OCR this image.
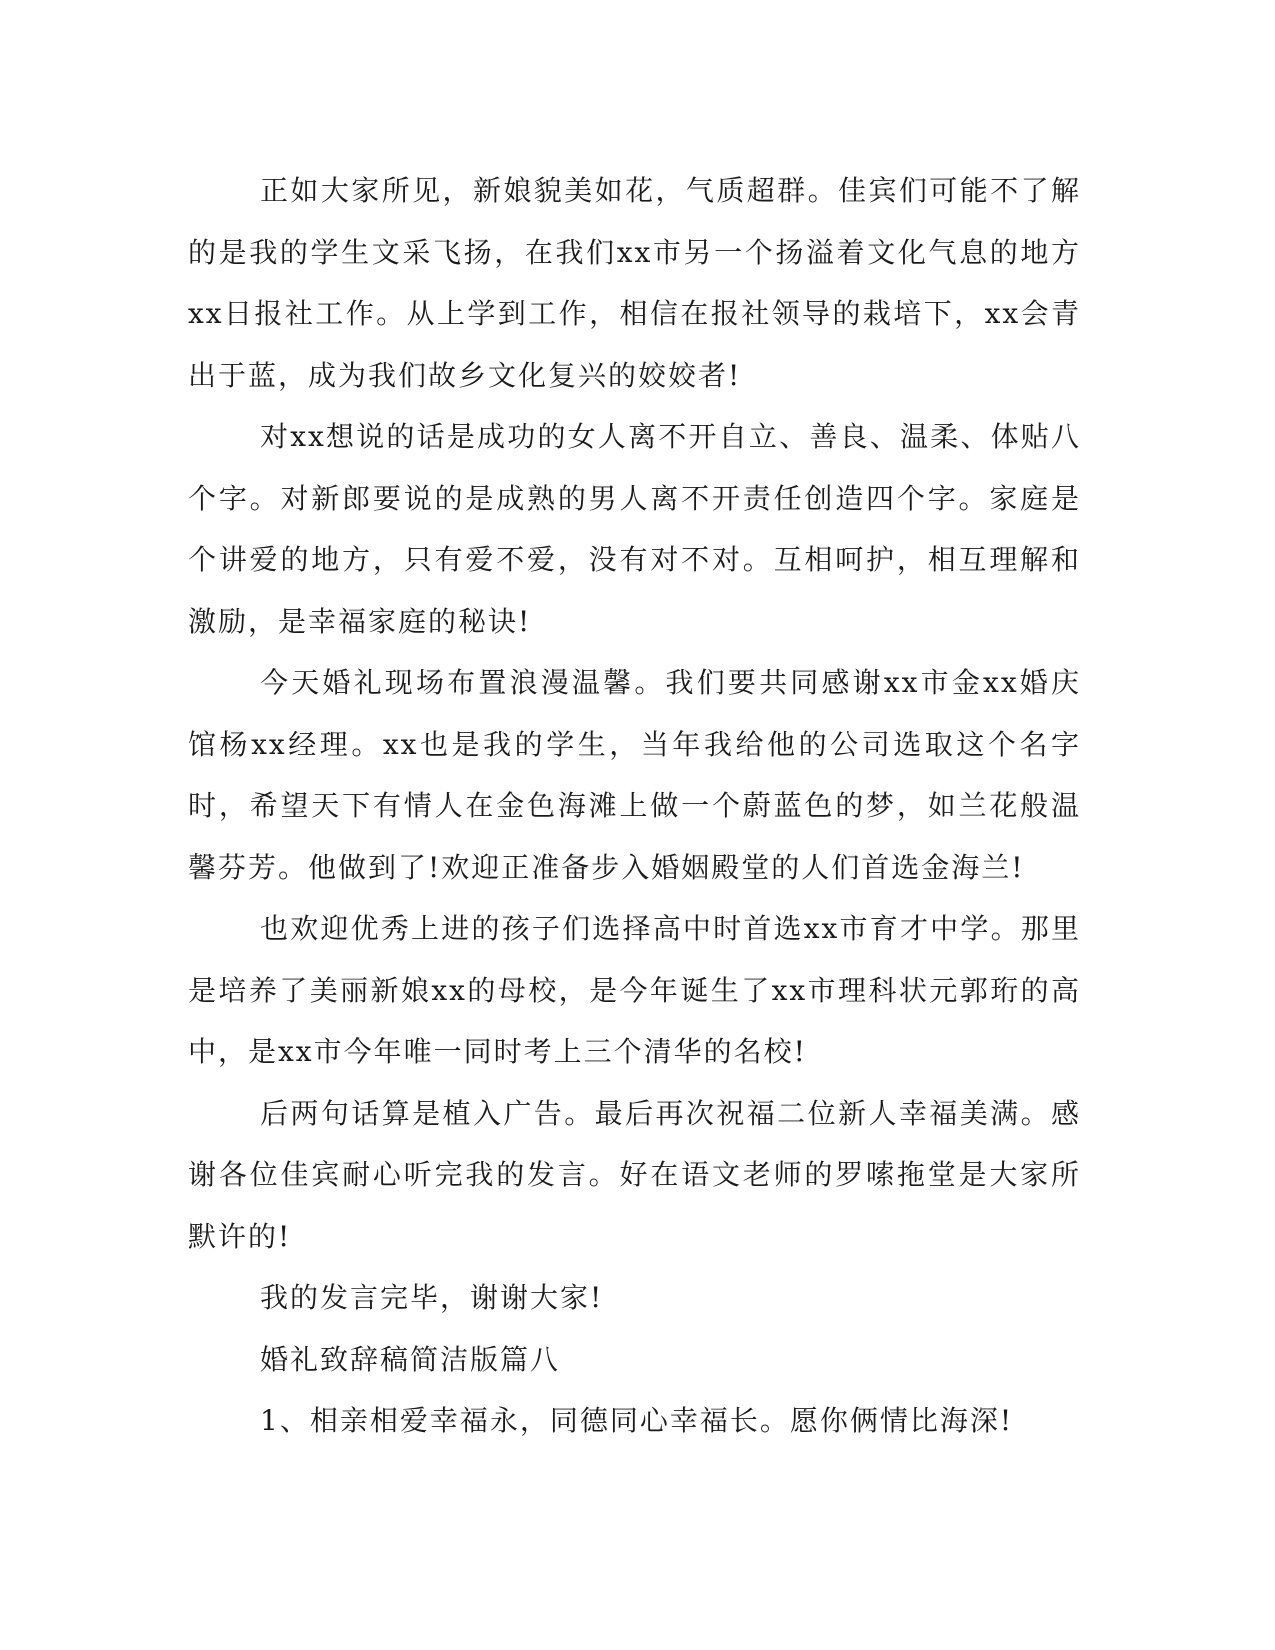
正如大家所见，新娘貌美如花，气质超群。佳宾们可能不了解的是我的学生文采飞扬，在我们xx市另一个扬溢着文化气息的地方xx日报社工作。从上学到工作，相信在报社领导的栽培下，xx会青出于蓝，成为我们故乡文化复兴的姣姣者!

对xx想说的话是成功的女人离不开自立、善良、温柔、体贴八个字。对新郎要说的是成熟的男人离不开责任创造四个字。家庭是个讲爱的地方，只有爱不爱，没有对不对。互相呵护，相互理解和激励，是幸福家庭的秘诀!

今天婚礼现场布置浪漫温馨。我们要共同感谢xx市金xx婚庆馆杨xx经理。xx也是我的学生，当年我给他的公司选取这个名字时，希望天下有情人在金色海滩上做一个蔚蓝色的梦，如兰花般温馨芬芳。他做到了!欢迎正准备步入婚姻殿堂的人们首选金海兰!

也欢迎优秀上进的孩子们选择高中时首选xx市育才中学。那里是培养了美丽新娘xx的母校，是今年诞生了xx市理科状元郭珩的高中，是xx市今年唯一同时考上三个清华的名校!

后两句话算是植入广告。最后再次祝福二位新人幸福美满。感谢各位佳宾耐心听完我的发言。好在语文老师的罗嗦拖堂是大家所默许的!

我的发言完毕，谢谢大家!

婚礼致辞稿简洁版篇八

1、相亲相爱幸福永，同德同心幸福长。愿你俩情比海深!
